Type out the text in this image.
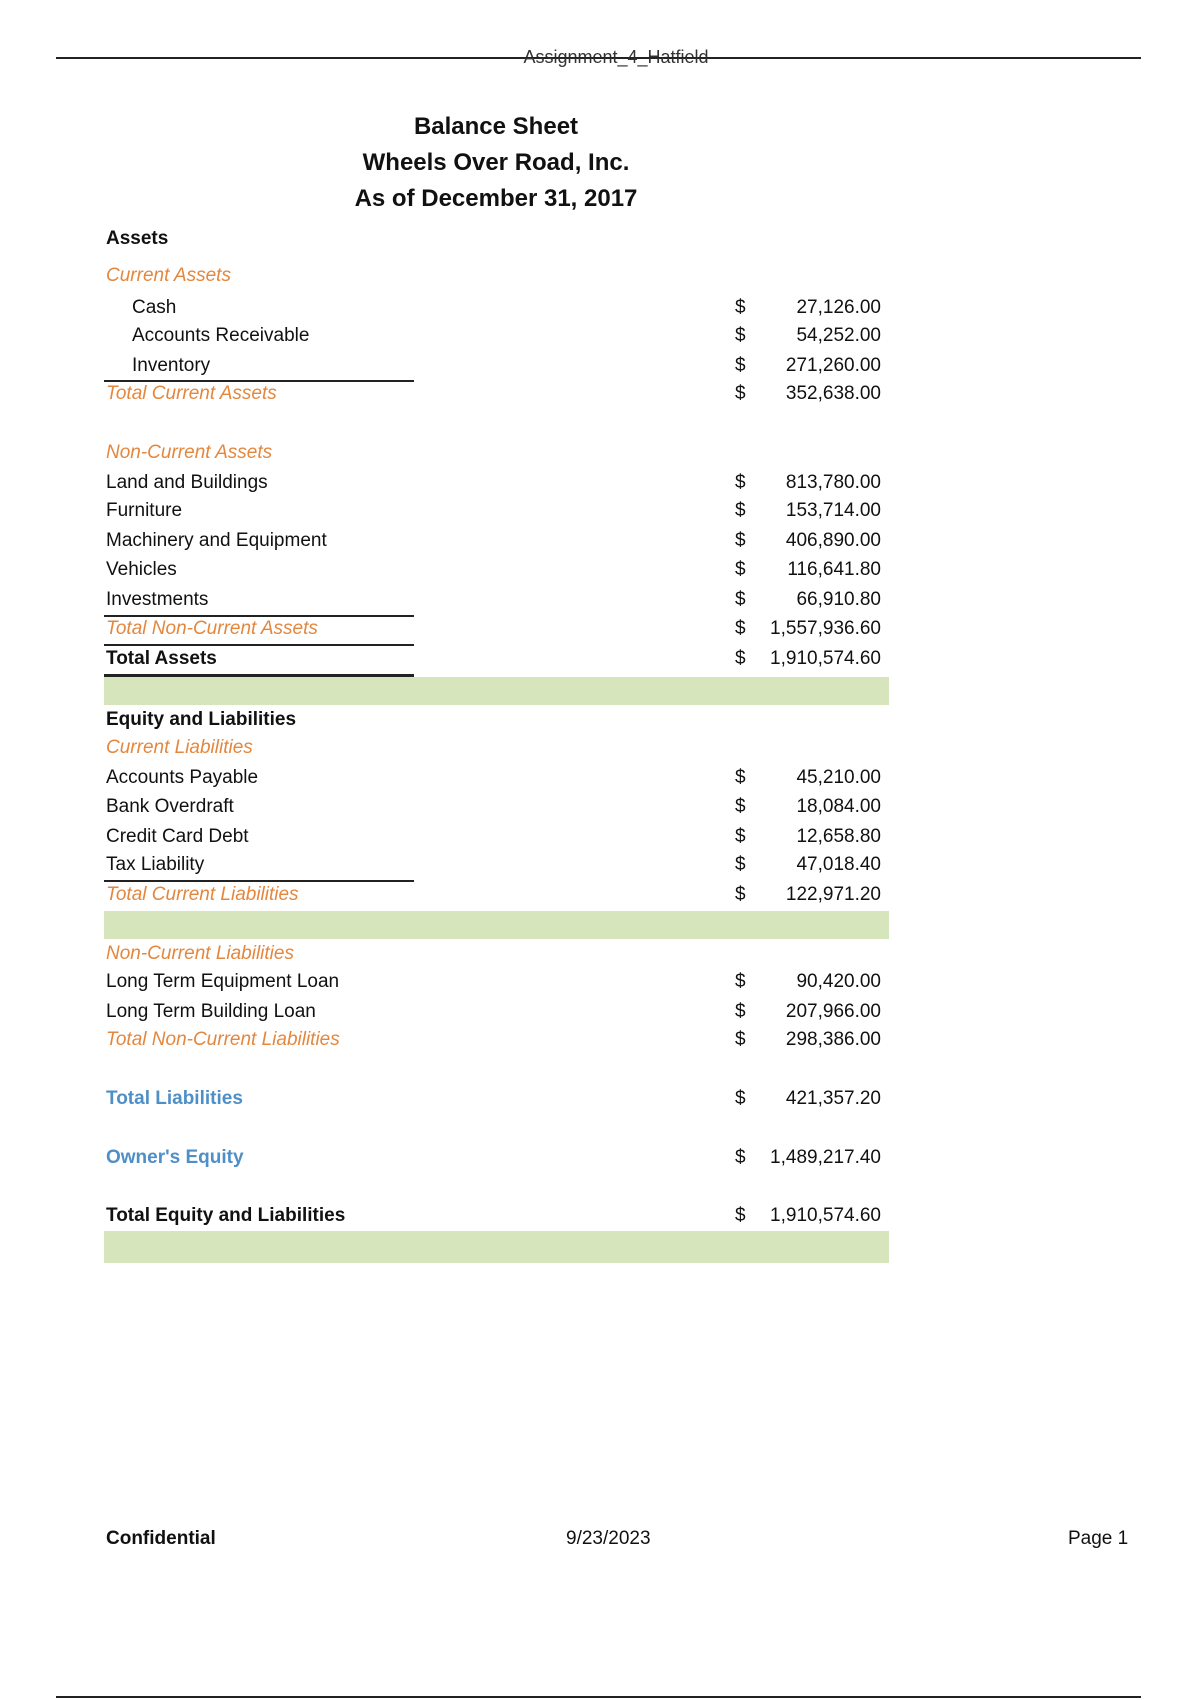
Assignment_4_Hatfield
Balance Sheet
Wheels Over Road, Inc.
As of December 31, 2017
Assets
Current Assets
Cash	$	27,126.00
Accounts Receivable	$	54,252.00
Inventory	$ 271,260.00
Total Current Assets	$ 352,638.00
Non-Current Assets
Land and Buildings	$ 813,780.00
Furniture	$ 153,714.00
Machinery and Equipment	$ 406,890.00
Vehicles	$ 116,641.80
Investments	$	66,910.80
Total Non-Current Assets	$ 1,557,936.60
Total Assets	$ 1,910,574.60
Equity and Liabilities
Current Liabilities
Accounts Payable	$	45,210.00
Bank Overdraft	$	18,084.00
Credit Card Debt	$	12,658.80
Tax Liability	$	47,018.40
Total Current Liabilities	$ 122,971.20
Non-Current Liabilities
Long Term Equipment Loan	$	90,420.00
Long Term Building Loan	$ 207,966.00
Total Non-Current Liabilities	$ 298,386.00
Total Liabilities	$ 421,357.20
Owner's Equity	$ 1,489,217.40
Total Equity and Liabilities	$ 1,910,574.60
Confidential	9/23/2023	Page 1
